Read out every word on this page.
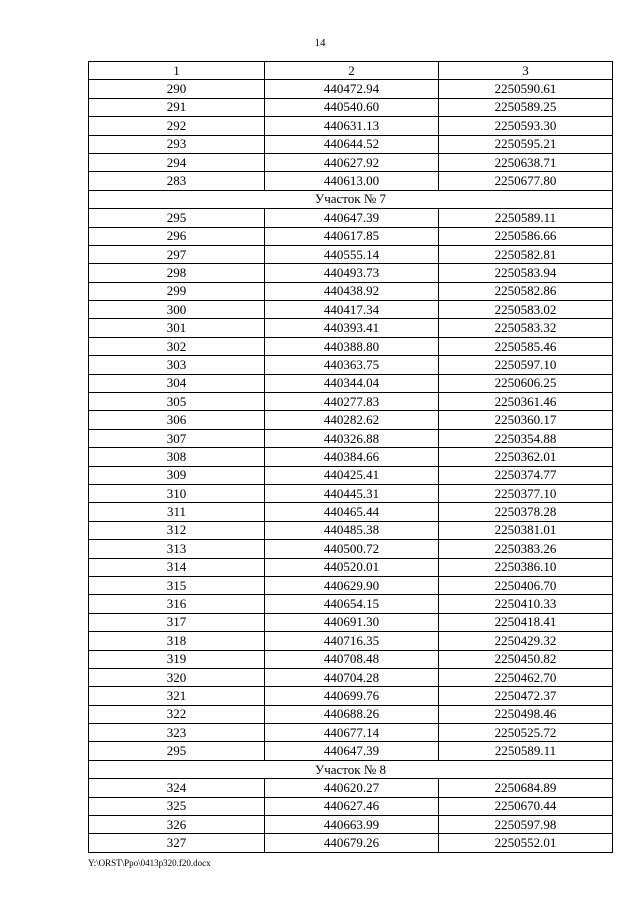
14
1	2	3
290	440472.94	2250590.61
291	440540.60	2250589.25
292	440631.13	2250593.30
293	440644.52	2250595.21
294	440627.92	2250638.71
283	440613.00	2250677.80
Участок № 7		
295	440647.39	2250589.11
296	440617.85	2250586.66
297	440555.14	2250582.81
298	440493.73	2250583.94
299	440438.92	2250582.86
300	440417.34	2250583.02
301	440393.41	2250583.32
302	440388.80	2250585.46
303	440363.75	2250597.10
304	440344.04	2250606.25
305	440277.83	2250361.46
306	440282.62	2250360.17
307	440326.88	2250354.88
308	440384.66	2250362.01
309	440425.41	2250374.77
310	440445.31	2250377.10
311	440465.44	2250378.28
312	440485.38	2250381.01
313	440500.72	2250383.26
314	440520.01	2250386.10
315	440629.90	2250406.70
316	440654.15	2250410.33
317	440691.30	2250418.41
318	440716.35	2250429.32
319	440708.48	2250450.82
320	440704.28	2250462.70
321	440699.76	2250472.37
322	440688.26	2250498.46
323	440677.14	2250525.72
295	440647.39	2250589.11
Участок № 8		
324	440620.27	2250684.89
325	440627.46	2250670.44
326	440663.99	2250597.98
327	440679.26	2250552.01
Y:\ORST\Ppo\0413p320.f20.docx
